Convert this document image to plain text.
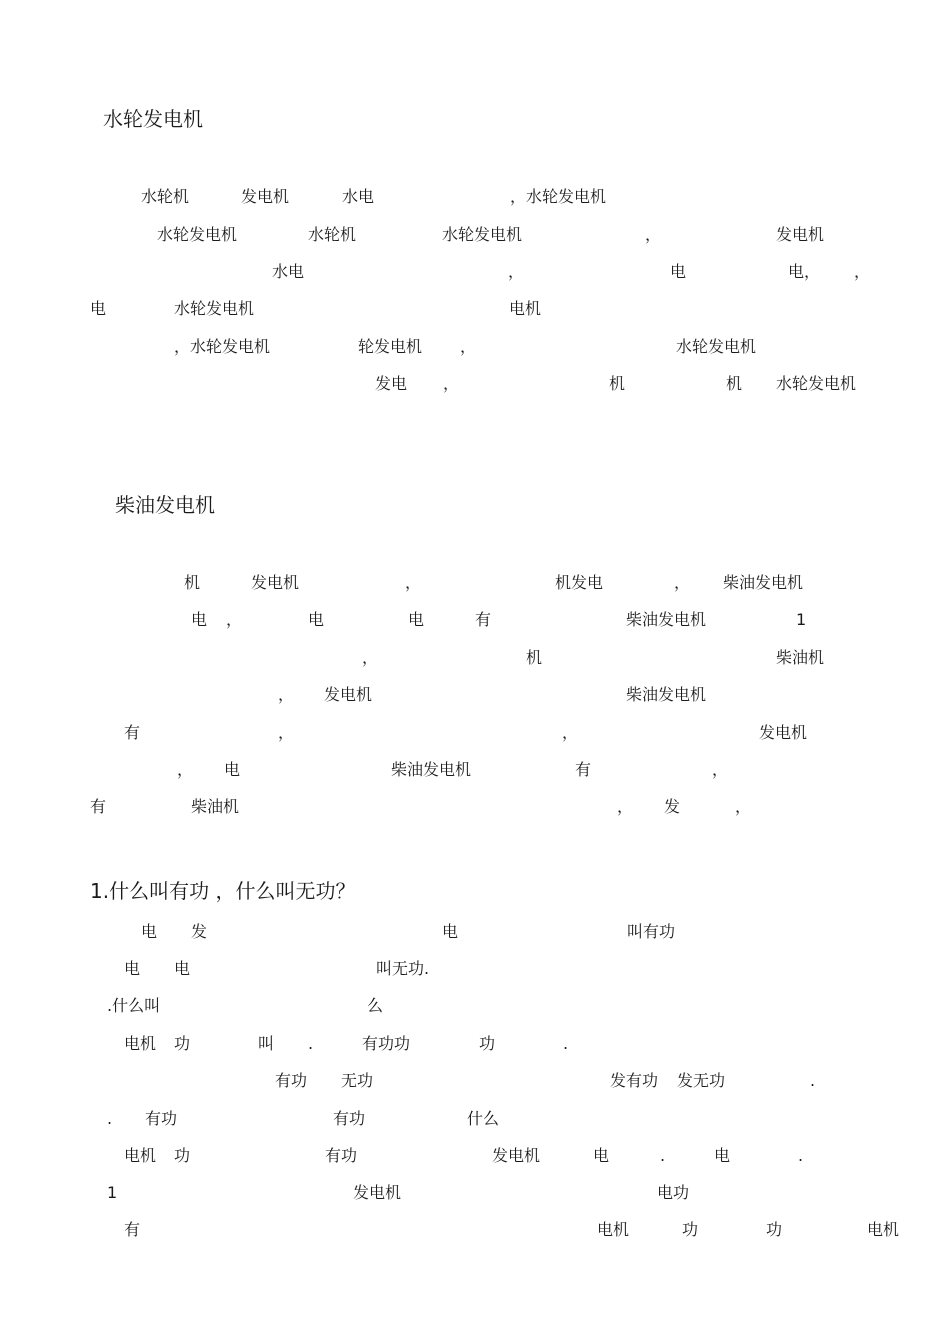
水轮发电机
水轮机	发电机	水电	，水轮发电机
水轮发电机	水轮机	水轮发电机	，	发电机
水电	，	电	电， ，
电	水轮发电机	电机
，水轮发电机	轮发电机 ，	水轮发电机
发电 ，	机	机 水轮发电机
柴油发电机
机	发电机	，	机发电	， 柴油发电机
电 ，	电	电	有	柴油发电机	1
，	机	柴油机
， 发电机	柴油发电机
有	，	，	发电机
， 电	柴油发电机	有	，
有	柴油机	， 发	，
1.什么叫有功 ，什么叫无功？
电 发	电	叫有功
电 电	叫无功.
.什么叫	么
电机 功	叫 .	有功功	功	.
有功 无功	发有功 发无功	.
. 有功	有功	什么
电机 功	有功	发电机	电	.	电	.
1	发电机	电功
有	电机	功	功	电机
